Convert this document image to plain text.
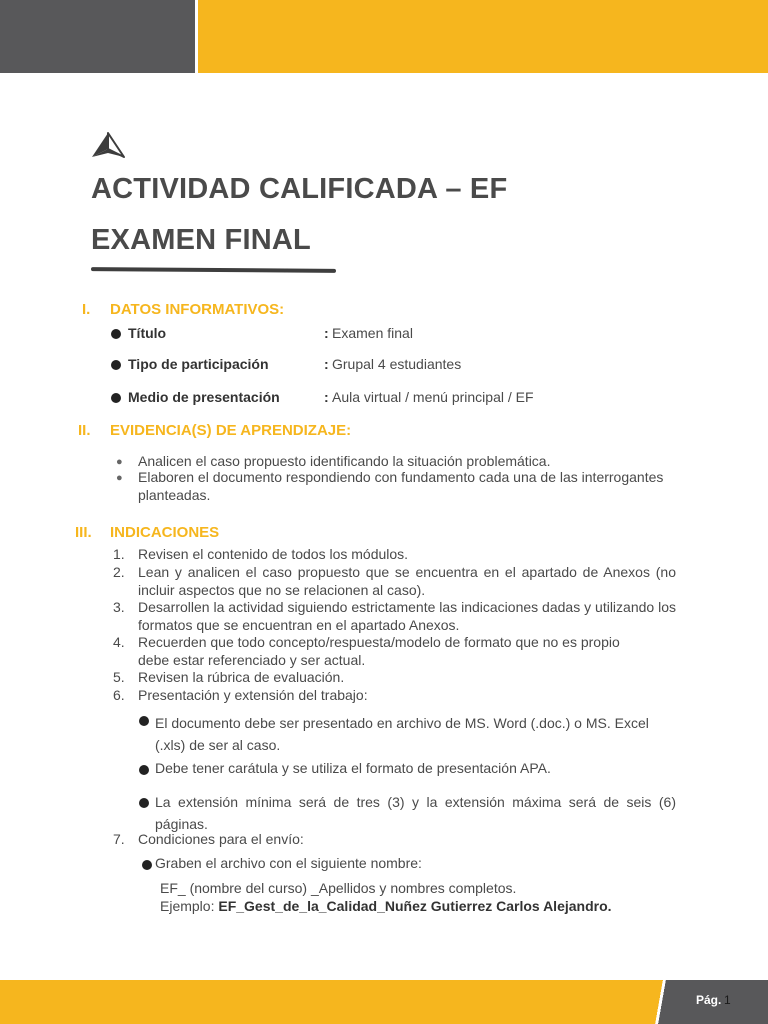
ACTIVIDAD CALIFICADA – EF
EXAMEN FINAL
I. DATOS INFORMATIVOS:
Título	: Examen final
Tipo de participación	: Grupal 4 estudiantes
Medio de presentación	: Aula virtual / menú principal / EF
II. EVIDENCIA(S) DE APRENDIZAJE:
● Analicen el caso propuesto identificando la situación problemática.
● Elaboren el documento respondiendo con fundamento cada una de las interrogantes planteadas.
III. INDICACIONES
1. Revisen el contenido de todos los módulos.
2. Lean y analicen el caso propuesto que se encuentra en el apartado de Anexos (no incluir aspectos que no se relacionen al caso).
3. Desarrollen la actividad siguiendo estrictamente las indicaciones dadas y utilizando los formatos que se encuentran en el apartado Anexos.
4. Recuerden que todo concepto/respuesta/modelo de formato que no es propio
debe estar referenciado y ser actual.
5. Revisen la rúbrica de evaluación.
6. Presentación y extensión del trabajo:
El documento debe ser presentado en archivo de MS. Word (.doc.) o MS. Excel (.xls) de ser al caso.
Debe tener carátula y se utiliza el formato de presentación APA.
La extensión mínima será de tres (3) y la extensión máxima será de seis (6) páginas.
7. Condiciones para el envío:
Graben el archivo con el siguiente nombre:
EF_ (nombre del curso) _Apellidos y nombres completos.
Ejemplo: EF_Gest_de_la_Calidad_Nuñez Gutierrez Carlos Alejandro.
Pág. 1
